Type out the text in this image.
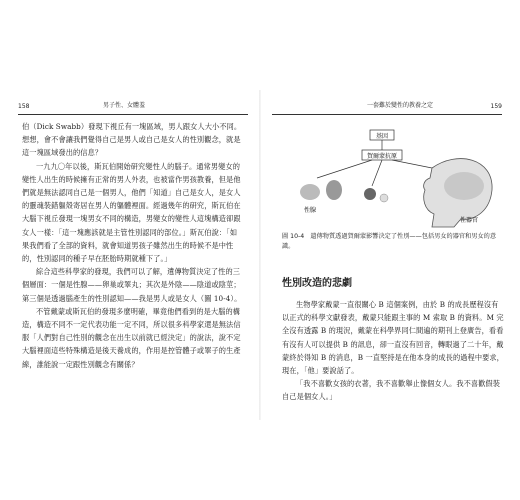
158	男子性、女體羞

伯（Dick Swabb）發現下視丘有一塊區域，男人跟女人大小不同。想想，會不會讓我們覺得自己是男人或自己是女人的性別觀念，就是這一塊區域發出的信息？

一九九〇年以後，斯瓦伯開始研究變性人的腦子。通常男變女的變性人出生的時候擁有正常的男人外表，也被當作男孩教養，但是他們就是無法認同自己是一個男人，他們「知道」自己是女人，是女人的靈魂裝錯軀殼寄居在男人的軀體裡面。經過幾年的研究，斯瓦伯在大腦下視丘發現一塊男女不同的構造，男變女的變性人這塊構造卻跟女人一樣：「這一塊應該就是主管性別認同的部位。」斯瓦伯說：「如果我們看了全部的資料，就會知道男孩子雖然出生的時候不是中性的，性別認同的種子早在胚胎時期就種下了。」

綜合這些科學家的發現，我們可以了解，遺傳物質決定了性的三個層面：一個是性腺——卵巢或睪丸；其次是外陰——陰道或陰莖；第三個是透過腦產生的性別認知——我是男人或是女人（圖 10-4）。

不管戴蒙或斯瓦伯的發現多麼明確，畢竟他們看到的是大腦的構造，構造不同不一定代表功能一定不同，所以很多科學家還是無法信服「人們對自己性別的觀念在出生以前就已經決定」的說法，說不定大腦裡面這些特殊構造是後天養成的，作用是控管體子或睪子的生產線，誰能說一定跟性別觀念有關係？

一套難於變性的教養之定	159
基因
賀爾蒙抗原
性腺
性器官
圖 10-4　遺傳物質透過賀爾蒙影響決定了性別——包括男女的器官和男女的意識。
性別改造的悲劇

生物學家戴蒙一直很關心 B 這個案例，由於 B 的成長歷程沒有以正式的科學文獻發表，戴蒙只能跟主事的 M 索取 B 的資料。M 完全沒有透露 B 的現況，戴蒙在科學界同仁間遍的期刊上登廣告，看看有沒有人可以提供 B 的訊息，卻一直沒有回音，轉眼過了二十年，戴蒙終於得知 B 的消息，B 一直堅持是在他本身的成長的過程中要求，現在，「他」要說話了。

「我不喜歡女孩的衣著，我不喜歡舉止像個女人。我不喜歡假裝自己是個女人。」
